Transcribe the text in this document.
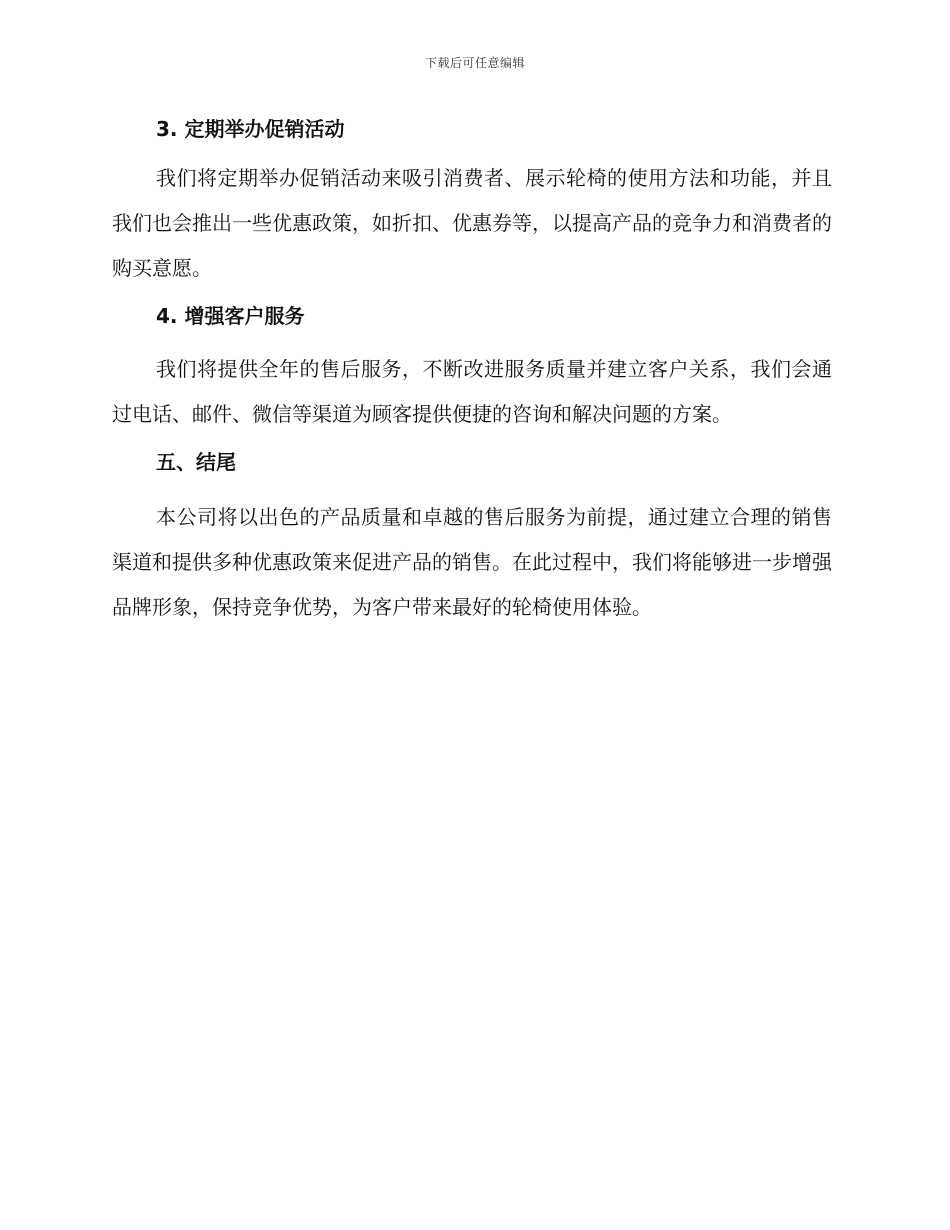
下载后可任意编辑
3. 定期举办促销活动

我们将定期举办促销活动来吸引消费者、展示轮椅的使用方法和功能，并且我们也会推出一些优惠政策，如折扣、优惠券等，以提高产品的竞争力和消费者的购买意愿。

4. 增强客户服务

我们将提供全年的售后服务，不断改进服务质量并建立客户关系，我们会通过电话、邮件、微信等渠道为顾客提供便捷的咨询和解决问题的方案。

五、结尾

本公司将以出色的产品质量和卓越的售后服务为前提，通过建立合理的销售渠道和提供多种优惠政策来促进产品的销售。在此过程中，我们将能够进一步增强品牌形象，保持竞争优势，为客户带来最好的轮椅使用体验。
